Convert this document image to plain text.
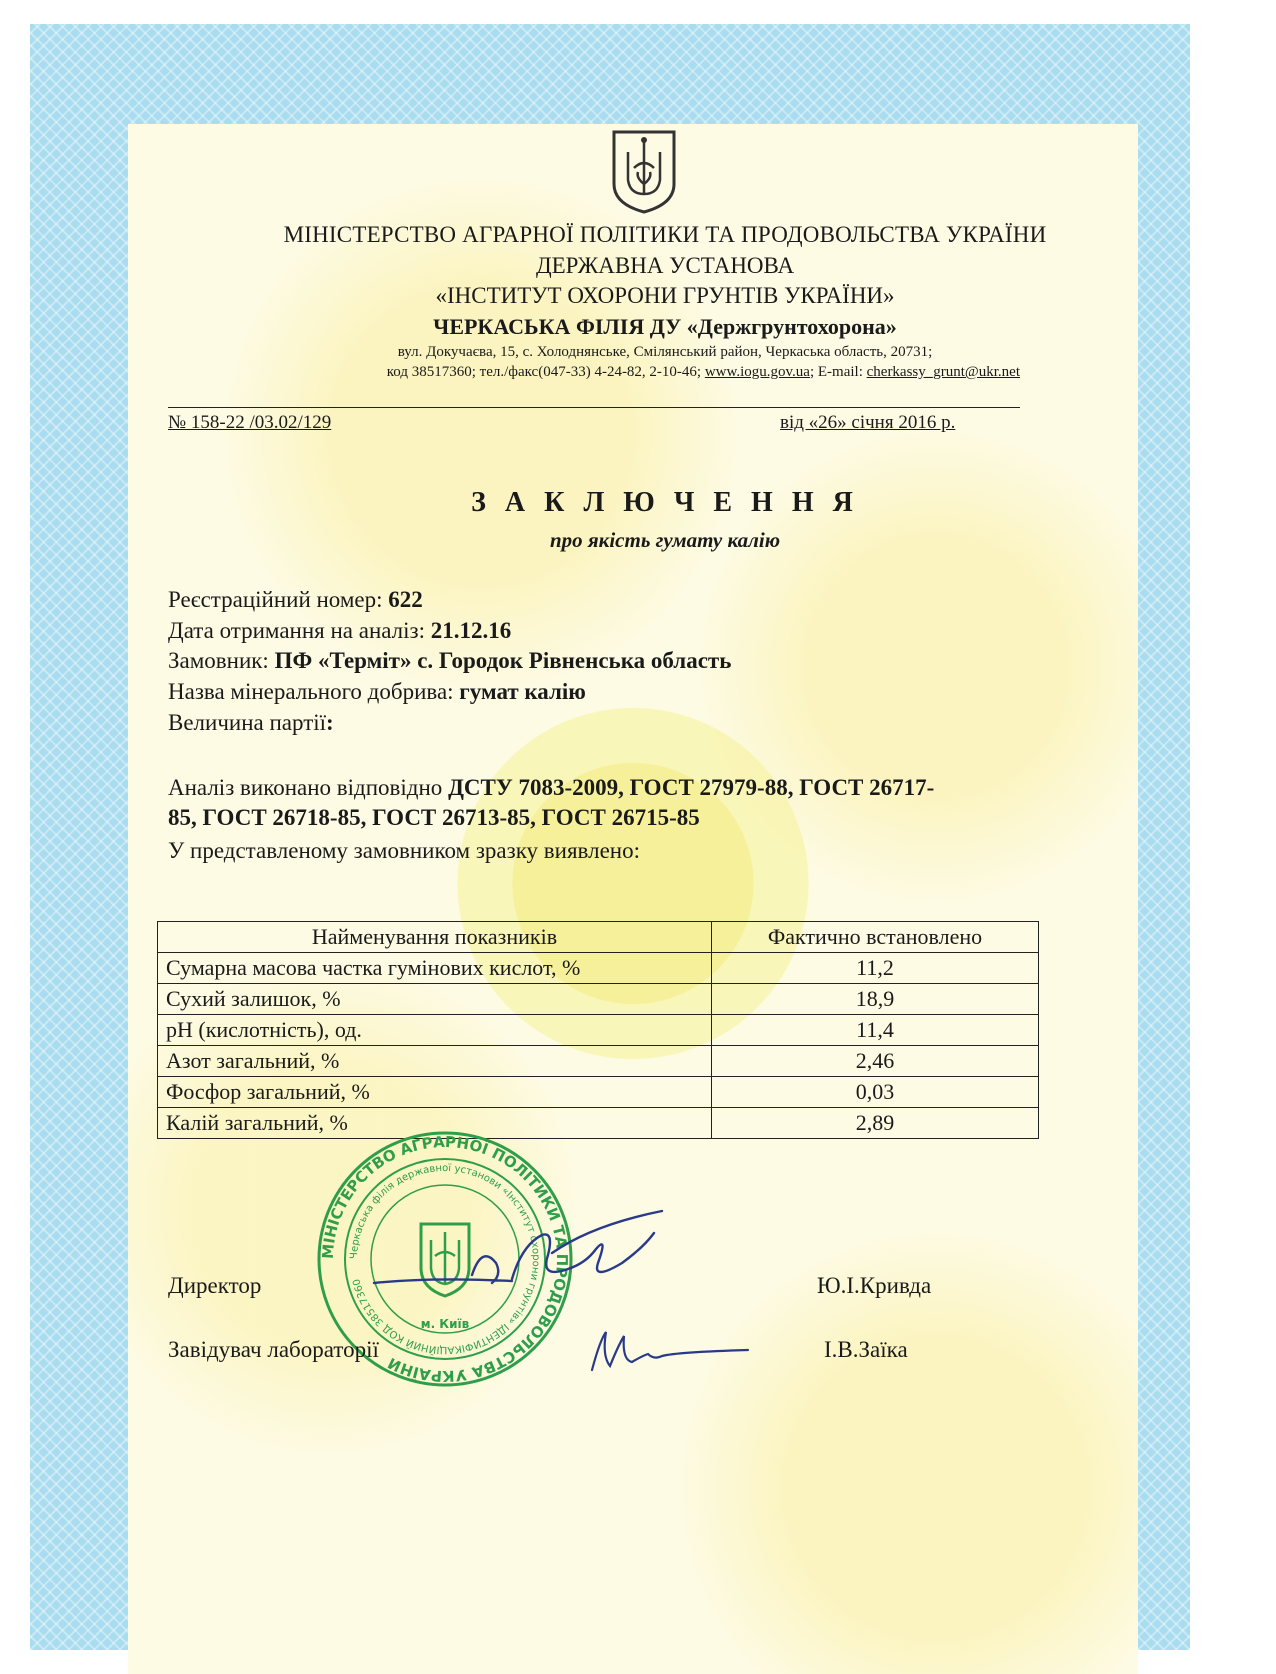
МІНІСТЕРСТВО АГРАРНОЇ ПОЛІТИКИ ТА ПРОДОВОЛЬСТВА УКРАЇНИ
ДЕРЖАВНА УСТАНОВА
«ІНСТИТУТ ОХОРОНИ ГРУНТІВ УКРАЇНИ»
ЧЕРКАСЬКА ФІЛІЯ ДУ «Держгрунтохорона»
вул. Докучаєва, 15, с. Холоднянське, Смілянський район, Черкаська область, 20731;
код 38517360; тел./факс(047-33) 4-24-82, 2-10-46; www.iogu.gov.ua; E-mail: cherkassy_grunt@ukr.net
№ 158-22 /03.02/129	від «26» січня 2016 р.
З А К Л Ю Ч Е Н Н Я
про якість гумату калію
Реєстраційний номер: 622
Дата отримання на аналіз: 21.12.16
Замовник: ПФ «Терміт» с. Городок Рівненська область
Назва мінерального добрива: гумат калію
Величина партії:
Аналіз виконано відповідно ДСТУ 7083-2009, ГОСТ 27979-88, ГОСТ 26717-
85, ГОСТ 26718-85, ГОСТ 26713-85, ГОСТ 26715-85
У представленому замовником зразку виявлено:
Найменування показників	Фактично встановлено
Сумарна масова частка гумінових кислот, %	11,2
Сухий залишок, %	18,9
pH (кислотність), од.	11,4
Азот загальний, %	2,46
Фосфор загальний, %	0,03
Калій загальний, %	2,89
МІНІСТЕРСТВО АГРАРНОЇ ПОЛІТИКИ ТА ПРОДОВОЛЬСТВА УКРАЇНИ
Черкаська філія державної установи «Інститут охорони грунтів» ІДЕНТИФІКАЦІЙНИЙ КОД 38517360
м. Київ
Директор	Ю.І.Кривда
Завідувач лабораторії	І.В.Заїка
